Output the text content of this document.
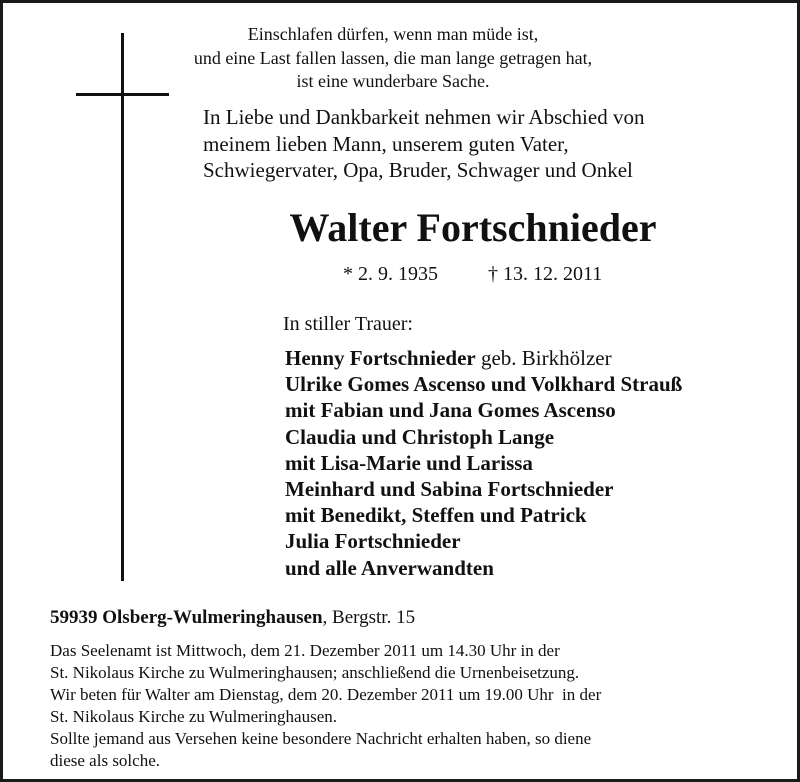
Einschlafen dürfen, wenn man müde ist,
und eine Last fallen lassen, die man lange getragen hat,
ist eine wunderbare Sache.
In Liebe und Dankbarkeit nehmen wir Abschied von
meinem lieben Mann, unserem guten Vater,
Schwiegervater, Opa, Bruder, Schwager und Onkel
Walter Fortschnieder
* 2. 9. 1935	† 13. 12. 2011
In stiller Trauer:
Henny Fortschnieder geb. Birkhölzer
Ulrike Gomes Ascenso und Volkhard Strauß
mit Fabian und Jana Gomes Ascenso
Claudia und Christoph Lange
mit Lisa-Marie und Larissa
Meinhard und Sabina Fortschnieder
mit Benedikt, Steffen und Patrick
Julia Fortschnieder
und alle Anverwandten
59939 Olsberg-Wulmeringhausen, Bergstr. 15
Das Seelenamt ist Mittwoch, dem 21. Dezember 2011 um 14.30 Uhr in der
St. Nikolaus Kirche zu Wulmeringhausen; anschließend die Urnenbeisetzung.
Wir beten für Walter am Dienstag, dem 20. Dezember 2011 um 19.00 Uhr  in der
St. Nikolaus Kirche zu Wulmeringhausen.
Sollte jemand aus Versehen keine besondere Nachricht erhalten haben, so diene
diese als solche.
